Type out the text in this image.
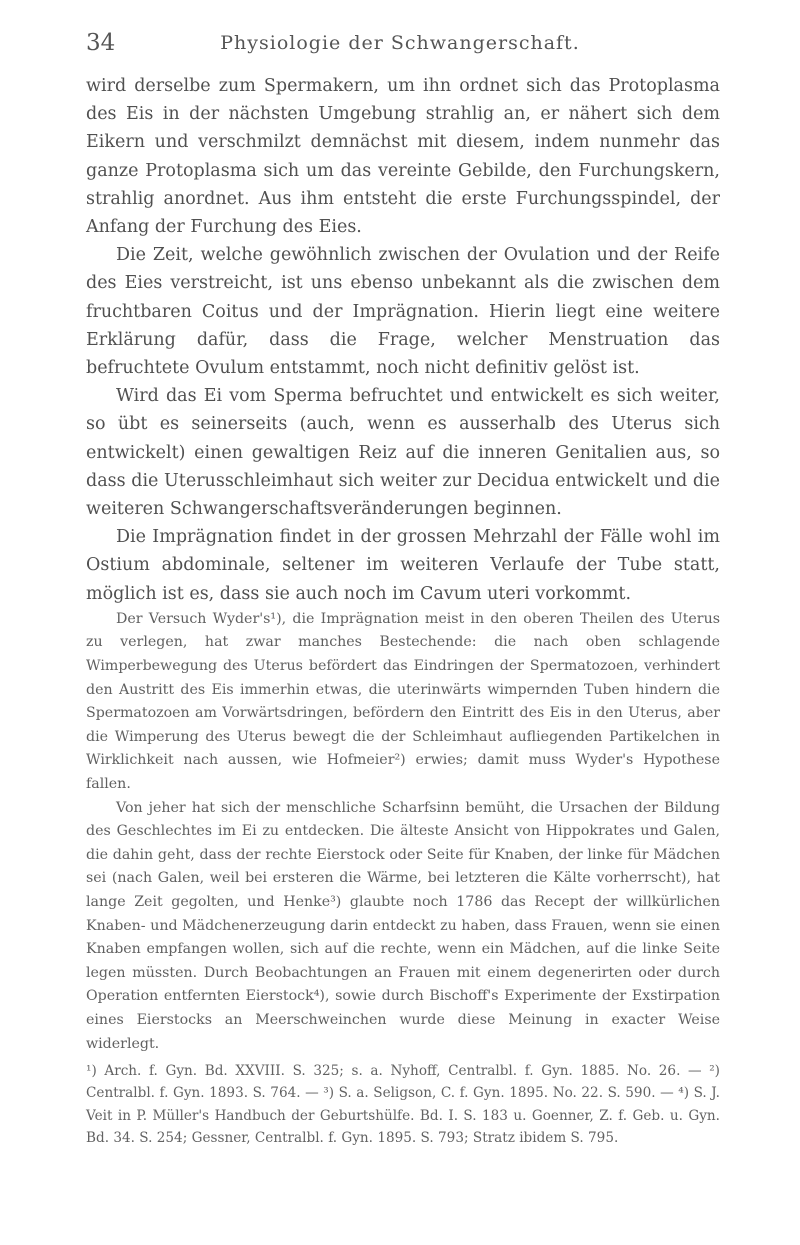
34	Physiologie der Schwangerschaft.

wird derselbe zum Spermakern, um ihn ordnet sich das Protoplasma des Eis in der nächsten Umgebung strahlig an, er nähert sich dem Eikern und verschmilzt demnächst mit diesem, indem nunmehr das ganze Protoplasma sich um das vereinte Gebilde, den Furchungskern, strahlig anordnet. Aus ihm entsteht die erste Furchungsspindel, der Anfang der Furchung des Eies.

Die Zeit, welche gewöhnlich zwischen der Ovulation und der Reife des Eies verstreicht, ist uns ebenso unbekannt als die zwischen dem fruchtbaren Coitus und der Imprägnation. Hierin liegt eine weitere Erklärung dafür, dass die Frage, welcher Menstruation das befruchtete Ovulum entstammt, noch nicht definitiv gelöst ist.

Wird das Ei vom Sperma befruchtet und entwickelt es sich weiter, so übt es seinerseits (auch, wenn es ausserhalb des Uterus sich entwickelt) einen gewaltigen Reiz auf die inneren Genitalien aus, so dass die Uterusschleimhaut sich weiter zur Decidua entwickelt und die weiteren Schwangerschaftsveränderungen beginnen.

Die Imprägnation findet in der grossen Mehrzahl der Fälle wohl im Ostium abdominale, seltener im weiteren Verlaufe der Tube statt, möglich ist es, dass sie auch noch im Cavum uteri vorkommt.

Der Versuch Wyder's¹), die Imprägnation meist in den oberen Theilen des Uterus zu verlegen, hat zwar manches Bestechende: die nach oben schlagende Wimperbewegung des Uterus befördert das Eindringen der Spermatozoen, verhindert den Austritt des Eis immerhin etwas, die uterinwärts wimpernden Tuben hindern die Spermatozoen am Vorwärtsdringen, befördern den Eintritt des Eis in den Uterus, aber die Wimperung des Uterus bewegt die der Schleimhaut aufliegenden Partikelchen in Wirklichkeit nach aussen, wie Hofmeier²) erwies; damit muss Wyder's Hypothese fallen.

Von jeher hat sich der menschliche Scharfsinn bemüht, die Ursachen der Bildung des Geschlechtes im Ei zu entdecken. Die älteste Ansicht von Hippokrates und Galen, die dahin geht, dass der rechte Eierstock oder Seite für Knaben, der linke für Mädchen sei (nach Galen, weil bei ersteren die Wärme, bei letzteren die Kälte vorherrscht), hat lange Zeit gegolten, und Henke³) glaubte noch 1786 das Recept der willkürlichen Knaben- und Mädchenerzeugung darin entdeckt zu haben, dass Frauen, wenn sie einen Knaben empfangen wollen, sich auf die rechte, wenn ein Mädchen, auf die linke Seite legen müssten. Durch Beobachtungen an Frauen mit einem degenerirten oder durch Operation entfernten Eierstock⁴), sowie durch Bischoff's Experimente der Exstirpation eines Eierstocks an Meerschweinchen wurde diese Meinung in exacter Weise widerlegt.

¹) Arch. f. Gyn. Bd. XXVIII. S. 325; s. a. Nyhoff, Centralbl. f. Gyn. 1885. No. 26. — ²) Centralbl. f. Gyn. 1893. S. 764. — ³) S. a. Seligson, C. f. Gyn. 1895. No. 22. S. 590. — ⁴) S. J. Veit in P. Müller's Handbuch der Geburtshülfe. Bd. I. S. 183 u. Goenner, Z. f. Geb. u. Gyn. Bd. 34. S. 254; Gessner, Centralbl. f. Gyn. 1895. S. 793; Stratz ibidem S. 795.
